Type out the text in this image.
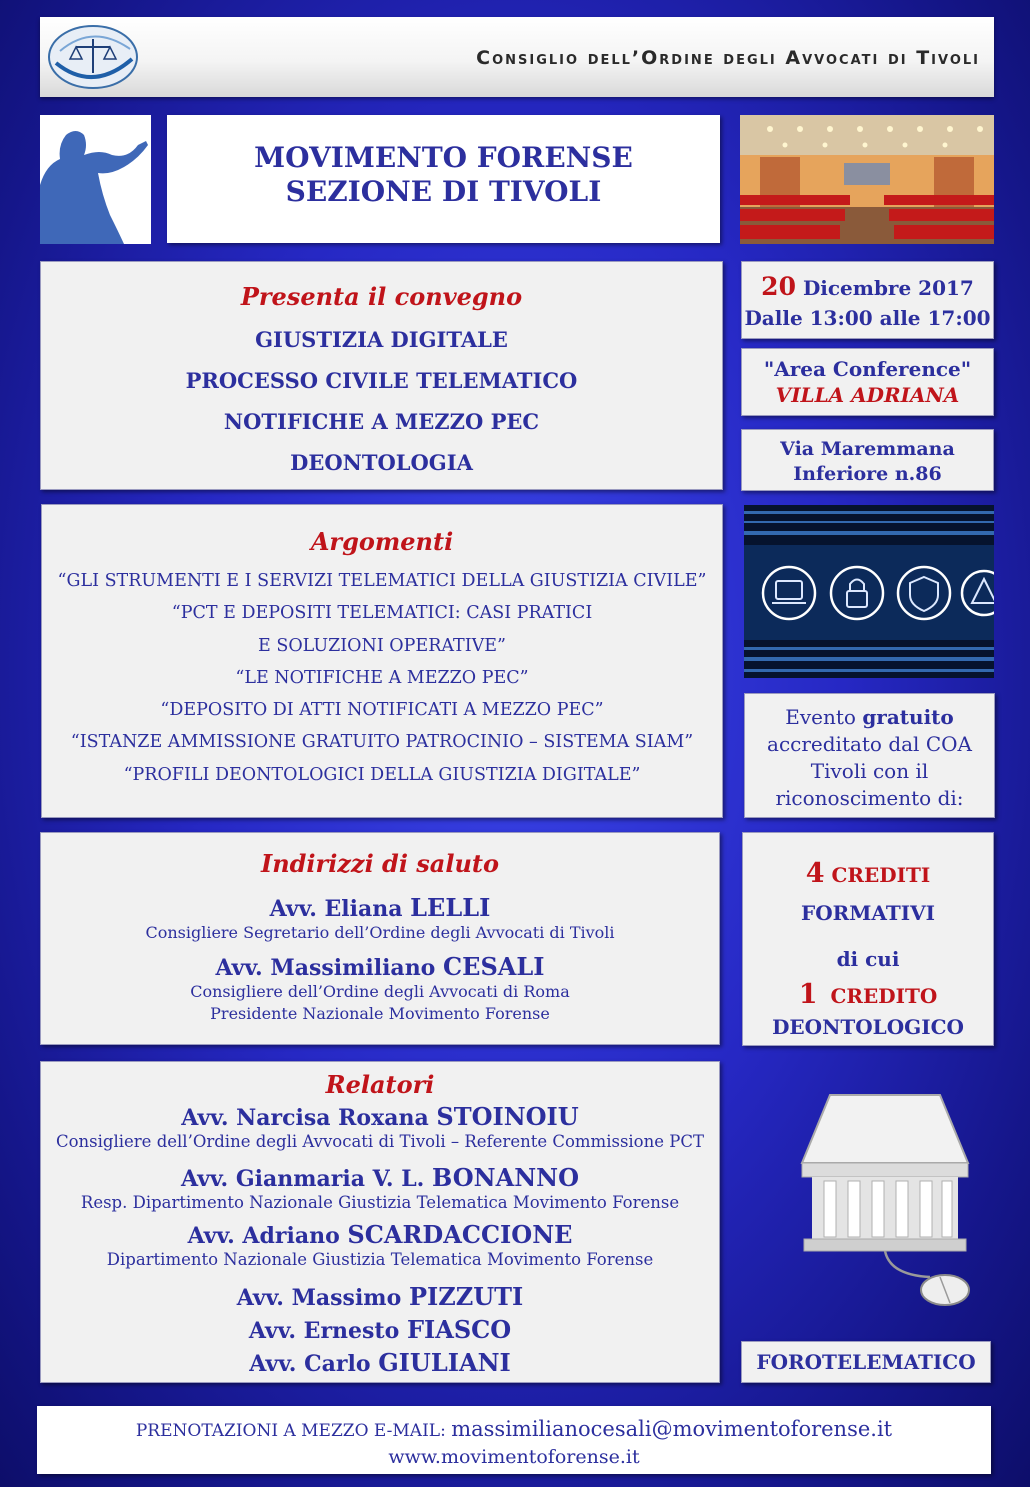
Consiglio dell’Ordine degli Avvocati di Tivoli
MOVIMENTO FORENSE
SEZIONE DI TIVOLI
Presenta il convegno
GIUSTIZIA DIGITALE
PROCESSO CIVILE TELEMATICO
NOTIFICHE A MEZZO PEC
DEONTOLOGIA
Argomenti
“GLI STRUMENTI E I SERVIZI TELEMATICI DELLA GIUSTIZIA CIVILE”
“PCT E DEPOSITI TELEMATICI: CASI PRATICI
E SOLUZIONI OPERATIVE”
“LE NOTIFICHE A MEZZO PEC”
“DEPOSITO DI ATTI NOTIFICATI A MEZZO PEC”
“ISTANZE AMMISSIONE GRATUITO PATROCINIO – SISTEMA SIAM”
“PROFILI DEONTOLOGICI DELLA GIUSTIZIA DIGITALE”
Indirizzi di saluto
Avv. Eliana LELLI
Consigliere Segretario dell’Ordine degli Avvocati di Tivoli
Avv. Massimiliano CESALI
Consigliere dell’Ordine degli Avvocati di Roma
Presidente Nazionale Movimento Forense
Relatori
Avv. Narcisa Roxana STOINOIU
Consigliere dell’Ordine degli Avvocati di Tivoli – Referente Commissione PCT
Avv. Gianmaria V. L. BONANNO
Resp. Dipartimento Nazionale Giustizia Telematica Movimento Forense
Avv. Adriano SCARDACCIONE
Dipartimento Nazionale Giustizia Telematica Movimento Forense
Avv. Massimo PIZZUTI
Avv. Ernesto FIASCO
Avv. Carlo GIULIANI
20 Dicembre 2017
Dalle 13:00 alle 17:00
"Area Conference"
VILLA ADRIANA
Via Maremmana
Inferiore n.86
Evento gratuito
accreditato dal COA
Tivoli con il
riconoscimento di:
4 CREDITI
FORMATIVI
di cui
1 CREDITO
DEONTOLOGICO
FOROTELEMATICO
PRENOTAZIONI A MEZZO E-MAIL: massimilianocesali@movimentoforense.it
www.movimentoforense.it
